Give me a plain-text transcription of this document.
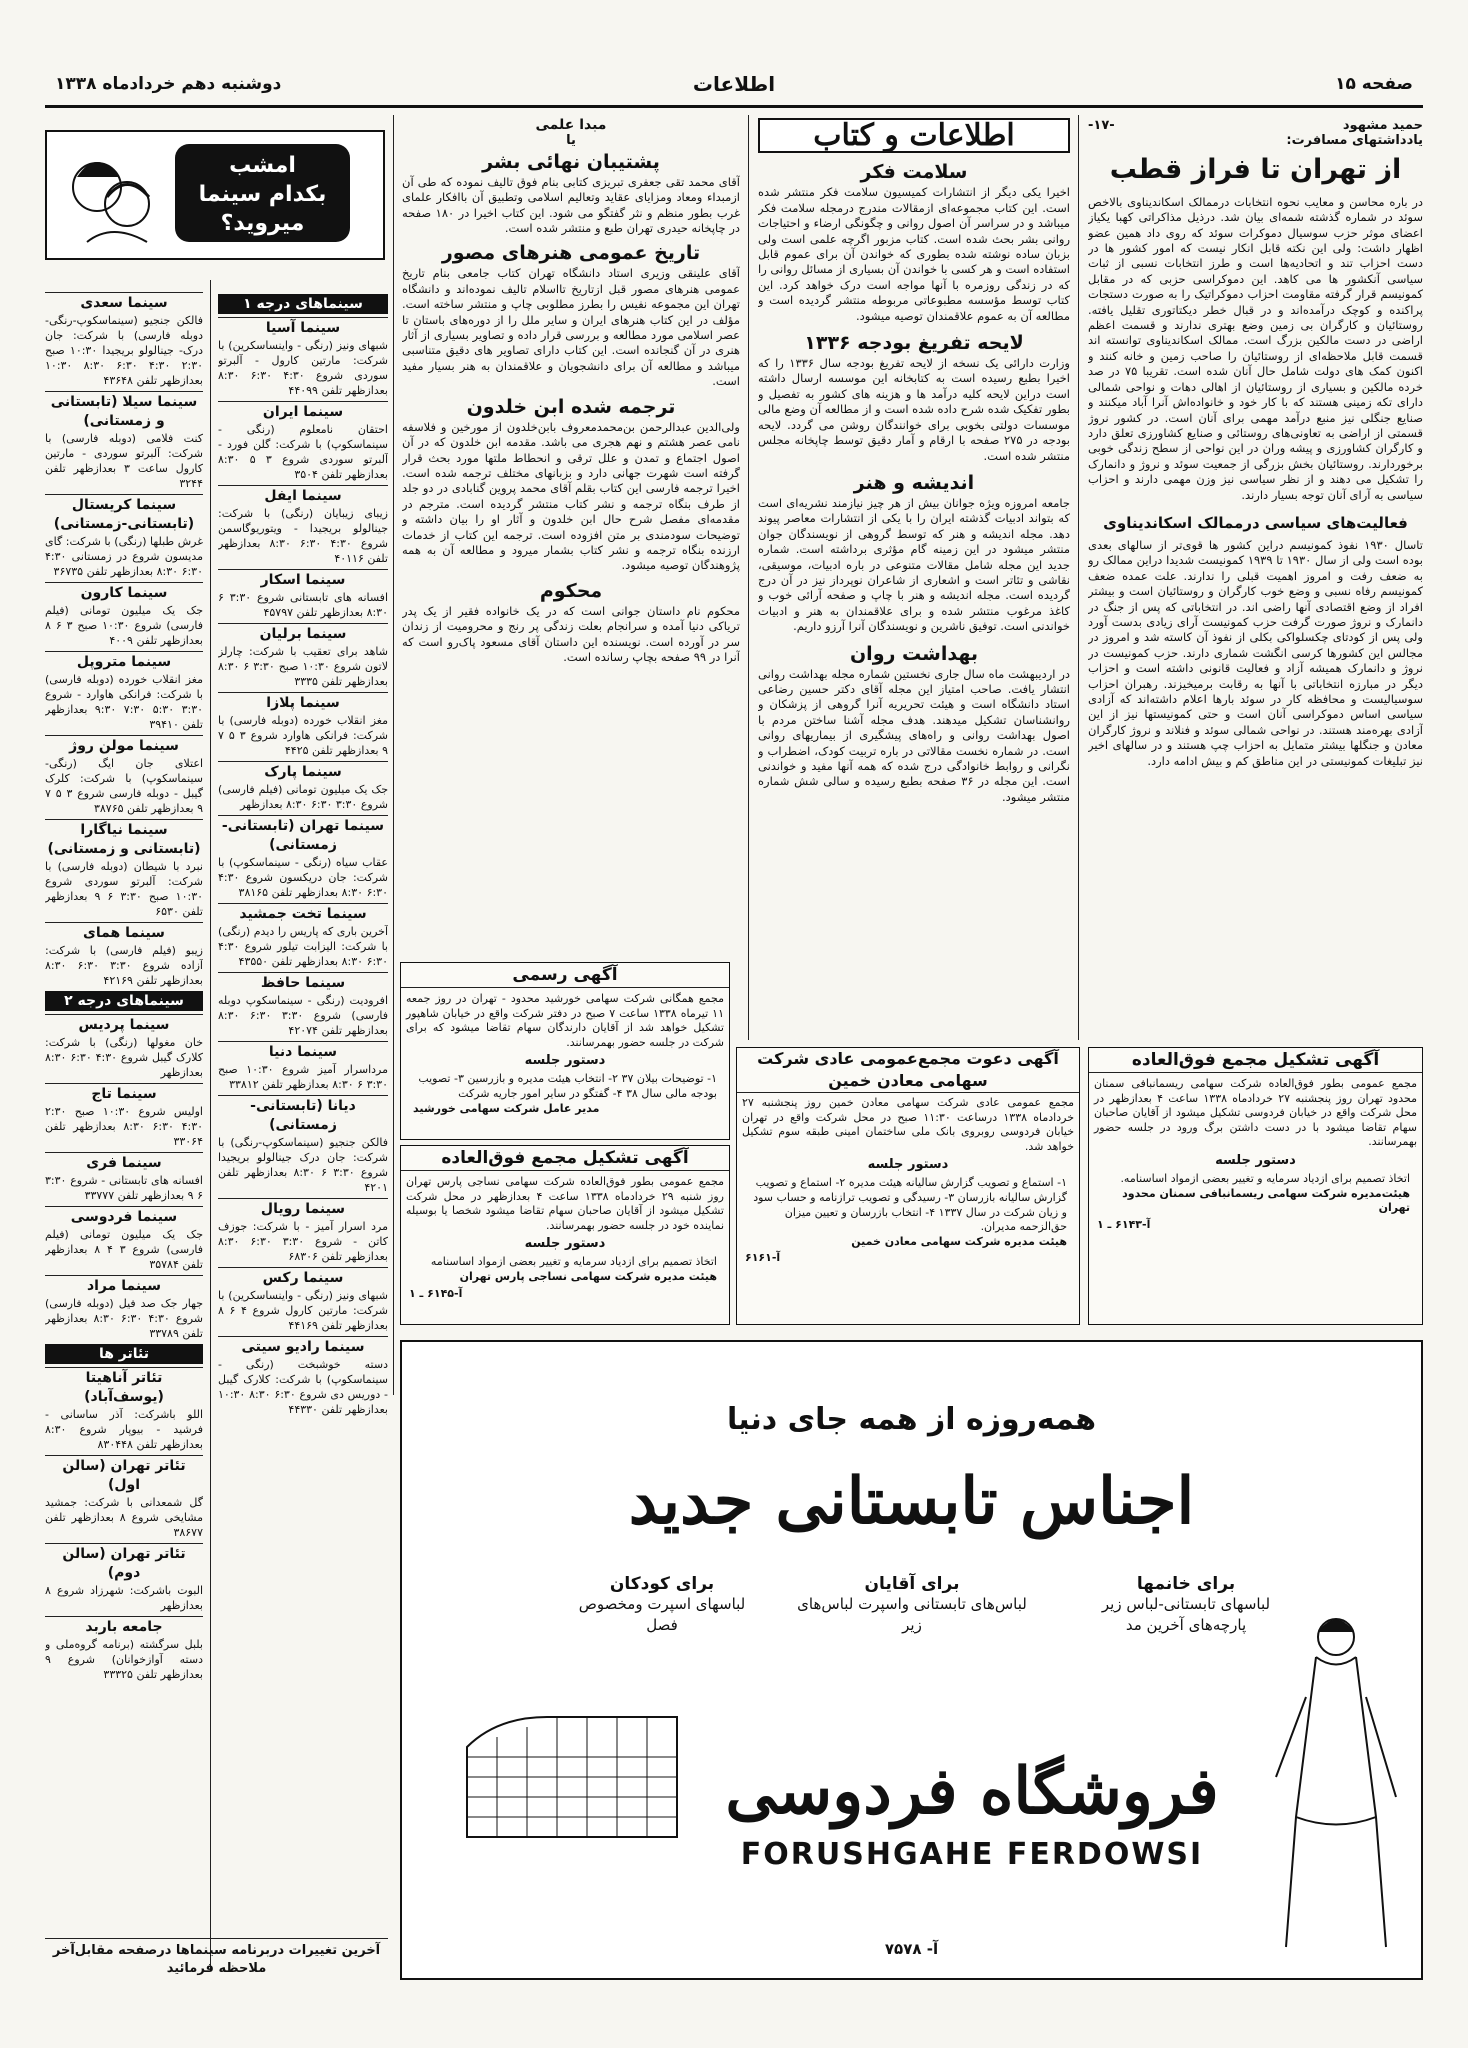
صفحه ۱۵
اطلاعات
دوشنبه دهم خردادماه ۱۳۳۸
حمید مشهود
-۱۷-
یادداشتهای مسافرت:
از تهران تا فراز قطب
در باره محاسن و معایب نحوه انتخابات درممالک اسکاندیناوی بالاخص سوئد در شماره گذشته شمه‌ای بیان شد. درذیل مذاکراتی کهبا یکیاز اعضای موثر حزب سوسیال دموکرات سوئد که روی داد همین عضو اظهار داشت: ولی این نکته قابل انکار نیست که امور کشور ها در دست احزاب تند و اتحادیه‌ها است و طرز انتخابات نسبی از ثبات سیاسی آنکشور ها می کاهد. این دموکراسی حزبی که در مقابل کمونیسم قرار گرفته مقاومت احزاب دموکراتیک را به صورت دستجات پراکنده و کوچک درآمده‌اند و در قبال خطر دیکتاتوری تقلیل یافته. روستائیان و کارگران بی زمین وضع بهتری ندارند و قسمت اعظم اراضی در دست مالکین بزرگ است. ممالک اسکاندیناوی توانسته اند قسمت قابل ملاحظه‌ای از روستائیان را صاحب زمین و خانه کنند و اکنون کمک های دولت شامل حال آنان شده است. تقریبا ۷۵ در صد خرده مالکین و بسیاری از روستائیان از اهالی دهات و نواحی شمالی دارای تکه زمینی هستند که با کار خود و خانواده‌اش آنرا آباد میکنند و صنایع جنگلی نیز منبع درآمد مهمی برای آنان است. در کشور نروژ قسمتی از اراضی به تعاونی‌های روستائی و صنایع کشاورزی تعلق دارد و کارگران کشاورزی و پیشه وران در این نواحی از سطح زندگی خوبی برخوردارند. روستائیان بخش بزرگی از جمعیت سوئد و نروژ و دانمارک را تشکیل می دهند و از نظر سیاسی نیز وزن مهمی دارند و احزاب سیاسی به آرای آنان توجه بسیار دارند.
فعالیت‌های سیاسی درممالک اسکاندیناوی
تاسال ۱۹۳۰ نفوذ کمونیسم دراین کشور ها قوی‌تر از سالهای بعدی بوده است ولی از سال ۱۹۳۰ تا ۱۹۳۹ کمونیست شدیدا دراین ممالک رو به ضعف رفت و امروز اهمیت قبلی را ندارند. علت عمده ضعف کمونیسم رفاه نسبی و وضع خوب کارگران و روستائیان است و بیشتر افراد از وضع اقتصادی آنها راضی اند. در انتخاباتی که پس از جنگ در دانمارک و نروژ صورت گرفت حزب کمونیست آرای زیادی بدست آورد ولی پس از کودتای چکسلواکی بکلی از نفوذ آن کاسته شد و امروز در مجالس این کشورها کرسی انگشت شماری دارند. حزب کمونیست در نروژ و دانمارک همیشه آزاد و فعالیت قانونی داشته است و احزاب دیگر در مبارزه انتخاباتی با آنها به رقابت برمیخیزند. رهبران احزاب سوسیالیست و محافظه کار در سوئد بارها اعلام داشته‌اند که آزادی سیاسی اساس دموکراسی آنان است و حتی کمونیستها نیز از این آزادی بهره‌مند هستند. در نواحی شمالی سوئد و فنلاند و نروژ کارگران معادن و جنگلها بیشتر متمایل به احزاب چپ هستند و در سالهای اخیر نیز تبلیغات کمونیستی در این مناطق کم و بیش ادامه دارد.
اطلاعات و کتاب
سلامت فکر
اخیرا یکی دیگر از انتشارات کمیسیون سلامت فکر منتشر شده است. این کتاب مجموعه‌ای ازمقالات مندرج درمجله سلامت فکر میباشد و در سراسر آن اصول روانی و چگونگی ارضاء و احتیاجات روانی بشر بحث شده است. کتاب مزبور اگرچه علمی است ولی بزبان ساده نوشته شده بطوری که خواندن آن برای عموم قابل استفاده است و هر کسی با خواندن آن بسیاری از مسائل روانی را که در زندگی روزمره با آنها مواجه است درک خواهد کرد. این کتاب توسط مؤسسه مطبوعاتی مربوطه منتشر گردیده است و مطالعه آن به عموم علاقمندان توصیه میشود.
لایحه تفریغ بودجه ۱۳۳۶
وزارت دارائی یک نسخه از لایحه تفریغ بودجه سال ۱۳۳۶ را که اخیرا بطبع رسیده است به کتابخانه این موسسه ارسال داشته است دراین لایحه کلیه درآمد ها و هزینه های کشور به تفصیل و بطور تفکیک شده شرح داده شده است و از مطالعه آن وضع مالی موسسات دولتی بخوبی برای خوانندگان روشن می گردد. لایحه بودجه در ۲۷۵ صفحه با ارقام و آمار دقیق توسط چاپخانه مجلس منتشر شده است.
اندیشه و هنر
جامعه امروزه ویژه جوانان بیش از هر چیز نیازمند نشریه‌ای است که بتواند ادبیات گذشته ایران را با یکی از انتشارات معاصر پیوند دهد. مجله اندیشه و هنر که توسط گروهی از نویسندگان جوان منتشر میشود در این زمینه گام مؤثری برداشته است. شماره جدید این مجله شامل مقالات متنوعی در باره ادبیات، موسیقی، نقاشی و تئاتر است و اشعاری از شاعران نوپرداز نیز در آن درج گردیده است. مجله اندیشه و هنر با چاپ و صفحه آرائی خوب و کاغذ مرغوب منتشر شده و برای علاقمندان به هنر و ادبیات خواندنی است. توفیق ناشرین و نویسندگان آنرا آرزو داریم.
بهداشت روان
در اردیبهشت ماه سال جاری نخستین شماره مجله بهداشت روانی انتشار یافت. صاحب امتیاز این مجله آقای دکتر حسین رضاعی استاد دانشگاه است و هیئت تحریریه آنرا گروهی از پزشکان و روانشناسان تشکیل میدهند. هدف مجله آشنا ساختن مردم با اصول بهداشت روانی و راه‌های پیشگیری از بیماریهای روانی است. در شماره نخست مقالاتی در باره تربیت کودک، اضطراب و نگرانی و روابط خانوادگی درج شده که همه آنها مفید و خواندنی است. این مجله در ۳۶ صفحه بطبع رسیده و سالی شش شماره منتشر میشود.
مبدا علمی
یا
پشتیبان نهائی بشر
آقای محمد تقی جعفری تبریزی کتابی بنام فوق تالیف نموده که طی آن ازمبداء ومعاد ومزایای عقاید وتعالیم اسلامی وتطبیق آن باافکار علمای غرب بطور منظم و نثر گفتگو می شود. این کتاب اخیرا در ۱۸۰ صفحه در چاپخانه حیدری تهران طبع و منتشر شده است.
تاریخ عمومی هنرهای مصور
آقای علینقی وزیری استاد دانشگاه تهران کتاب جامعی بنام تاریخ عمومی هنرهای مصور قبل ازتاریخ تااسلام تالیف نموده‌اند و دانشگاه تهران این مجموعه نفیس را بطرز مطلوبی چاپ و منتشر ساخته است. مؤلف در این کتاب هنرهای ایران و سایر ملل را از دوره‌های باستان تا عصر اسلامی مورد مطالعه و بررسی قرار داده و تصاویر بسیاری از آثار هنری در آن گنجانده است. این کتاب دارای تصاویر های دقیق متناسبی میباشد و مطالعه آن برای دانشجویان و علاقمندان به هنر بسیار مفید است.
ترجمه شده ابن خلدون
ولی‌الدین عبدالرحمن بن‌محمدمعروف بابن‌خلدون از مورخین و فلاسفه نامی عصر هشتم و نهم هجری می باشد. مقدمه ابن خلدون که در آن اصول اجتماع و تمدن و علل ترقی و انحطاط ملتها مورد بحث قرار گرفته است شهرت جهانی دارد و بزبانهای مختلف ترجمه شده است. اخیرا ترجمه فارسی این کتاب بقلم آقای محمد پروین گنابادی در دو جلد از طرف بنگاه ترجمه و نشر کتاب منتشر گردیده است. مترجم در مقدمه‌ای مفصل شرح حال ابن خلدون و آثار او را بیان داشته و توضیحات سودمندی بر متن افزوده است. ترجمه این کتاب از خدمات ارزنده بنگاه ترجمه و نشر کتاب بشمار میرود و مطالعه آن به همه پژوهندگان توصیه میشود.
محکوم
محکوم نام داستان جوانی است که در یک خانواده فقیر از یک پدر تریاکی دنیا آمده و سرانجام بعلت زندگی پر رنج و محرومیت از زندان سر در آورده است. نویسنده این داستان آقای مسعود پاک‌رو است که آنرا در ۹۹ صفحه بچاپ رسانده است.
امشب
بکدام سینما
میروید؟
سینما سعدی
فالکن جنجیو (سینماسکوپ-رنگی-دوبله فارسی) با شرکت: جان درک- جینالولو بریجیدا ۱۰:۳۰ صبح ۲:۳۰ ۴:۳۰ ۶:۳۰ ۸:۳۰ ۱۰:۳۰ بعدازظهر تلفن ۴۳۶۴۸
سینما سیلا (تابستانی و زمستانی)
کنت فلامی (دوبله فارسی) با شرکت: آلبرتو سوردی - مارتین کارول ساعت ۳ بعدازظهر تلفن ۳۲۴۴
سینما کریستال (تابستانی-زمستانی)
غرش طبلها (رنگی) با شرکت: گای مدیسون شروع در زمستانی ۴:۳۰ ۶:۳۰ ۸:۳۰ بعدازظهر تلفن ۳۶۷۳۵
سینما کارون
جک یک میلیون تومانی (فیلم فارسی) شروع ۱۰:۳۰ صبح ۳ ۶ ۸ بعدازظهر تلفن ۴۰۰۹
سینما متروپل
مغز انقلاب خورده (دوبله فارسی) با شرکت: فرانکی هاوارد - شروع ۳:۳۰ ۵:۳۰ ۷:۳۰ ۹:۳۰ بعدازظهر تلفن ۳۹۴۱۰
سینما مولن روژ
اعتلای جان ایگ (رنگی-سینماسکوپ) با شرکت: کلرک گیبل - دوبله فارسی شروع ۳ ۵ ۷ ۹ بعدازظهر تلفن ۳۸۷۶۵
سینما نیاگارا (تابستانی و زمستانی)
نبرد با شیطان (دوبله فارسی) با شرکت: آلبرتو سوردی شروع ۱۰:۳۰ صبح ۳:۳۰ ۶ ۹ بعدازظهر تلفن ۶۵۳۰
سینما همای
زیبو (فیلم فارسی) با شرکت: آزاده شروع ۳:۳۰ ۶:۳۰ ۸:۳۰ بعدازظهر تلفن ۴۲۱۶۹
سینماهای درجه ۲
سینما پردیس
خان مغولها (رنگی) با شرکت: کلارک گیبل شروع ۴:۳۰ ۶:۳۰ ۸:۳۰ بعدازظهر
سینما تاج
اولیس شروع ۱۰:۳۰ صبح ۲:۳۰ ۴:۳۰ ۶:۳۰ ۸:۳۰ بعدازظهر تلفن ۳۳۰۶۴
سینما فری
افسانه های تابستانی - شروع ۳:۳۰ ۶ ۹ بعدازظهر تلفن ۳۳۷۷۷
سینما فردوسی
جک یک میلیون تومانی (فیلم فارسی) شروع ۳ ۴ ۸ بعدازظهر تلفن ۳۵۷۸۴
سینما مراد
جهار جک صد فیل (دوبله فارسی) شروع ۴:۳۰ ۶:۳۰ ۸:۳۰ بعدازظهر تلفن ۳۳۷۸۹
تئاتر ها
تئاتر آناهیتا (یوسف‌آباد)
اللو باشرکت: آذر ساسانی - فرشید - بیوپار شروع ۸:۳۰ بعدازظهر تلفن ۸۳۰۴۴۸
تئاتر تهران (سالن اول)
گل شمعدانی با شرکت: جمشید مشایخی شروع ۸ بعدازظهر تلفن ۳۸۶۷۷
تئاتر تهران (سالن دوم)
البوت باشرکت: شهرزاد شروع ۸ بعدازظهر
جامعه باربد
بلبل سرگشته (برنامه گروه‌ملی و دسته آوازخوانان) شروع ۹ بعدازظهر تلفن ۳۳۳۲۵
سینماهای درجه ۱
سینما آسیا
شبهای ونیز (رنگی - واینساسکرین) با شرکت: مارتین کارول - آلبرتو سوردی شروع ۴:۳۰ ۶:۳۰ ۸:۳۰ بعدازظهر تلفن ۴۴۰۹۹
سینما ایران
احتقان نامعلوم (رنگی - سینماسکوپ) با شرکت: گلن فورد - آلبرتو سوردی شروع ۳ ۵ ۸:۳۰ بعدازظهر تلفن ۳۵۰۴
سینما ایفل
زیبای زیبایان (رنگی) با شرکت: جینالولو بریجیدا - ویتوریوگاسمن شروع ۴:۳۰ ۶:۳۰ ۸:۳۰ بعدازظهر تلفن ۴۰۱۱۶
سینما اسکار
افسانه های تابستانی شروع ۳:۳۰ ۶ ۸:۳۰ بعدازظهر تلفن ۴۵۷۹۷
سینما برلیان
شاهد برای تعقیب با شرکت: چارلز لاتون شروع ۱۰:۳۰ صبح ۳:۳۰ ۶ ۸:۳۰ بعدازظهر تلفن ۳۳۳۵
سینما پلازا
مغز انقلاب خورده (دوبله فارسی) با شرکت: فرانکی هاوارد شروع ۳ ۵ ۷ ۹ بعدازظهر تلفن ۴۴۲۵
سینما پارک
جک یک میلیون تومانی (فیلم فارسی) شروع ۳:۳۰ ۶:۳۰ ۸:۳۰ بعدازظهر
سینما تهران (تابستانی-زمستانی)
عقاب سیاه (رنگی - سینماسکوپ) با شرکت: جان دریکسون شروع ۴:۳۰ ۶:۳۰ ۸:۳۰ بعدازظهر تلفن ۳۸۱۶۵
سینما تخت جمشید
آخرین باری که پاریس را دیدم (رنگی) با شرکت: الیزابت تیلور شروع ۴:۳۰ ۶:۳۰ ۸:۳۰ بعدازظهر تلفن ۴۳۵۵۰
سینما حافظ
افرودیت (رنگی - سینماسکوپ دوبله فارسی) شروع ۳:۳۰ ۶:۳۰ ۸:۳۰ بعدازظهر تلفن ۴۲۰۷۴
سینما دنیا
مرداسرار آمیز شروع ۱۰:۳۰ صبح ۳:۳۰ ۶ ۸:۳۰ بعدازظهر تلفن ۳۳۸۱۲
دیانا (تابستانی-زمستانی)
فالکن جنجیو (سینماسکوپ-رنگی) با شرکت: جان درک جینالولو بریجیدا شروع ۳:۳۰ ۶ ۸:۳۰ بعدازظهر تلفن ۴۲۰۱
سینما رویال
مرد اسرار آمیز - با شرکت: جوزف کاتن - شروع ۳:۳۰ ۶:۳۰ ۸:۳۰ بعدازظهر تلفن ۶۸۳۰۶
سینما رکس
شبهای ونیز (رنگی - واینساسکرین) با شرکت: مارتین کارول شروع ۴ ۶ ۸ بعدازظهر تلفن ۴۴۱۶۹
سینما رادیو سیتی
دسته خوشبخت (رنگی - سینماسکوپ) با شرکت: کلارک گیبل - دوریس دی شروع ۶:۳۰ ۸:۳۰ ۱۰:۳۰ بعدازظهر تلفن ۴۴۳۳۰
آخرین تغییرات دربرنامه سینماها درصفحه مقابل‌آخر ملاحظه فرمائید
آگهی تشکیل مجمع فوق‌العاده
مجمع عمومی بطور فوق‌العاده شرکت سهامی ریسمانبافی سمنان محدود تهران روز پنجشنبه ۲۷ خردادماه ۱۳۳۸ ساعت ۴ بعدازظهر در محل شرکت واقع در خیابان فردوسی تشکیل میشود از آقایان صاحبان سهام تقاضا میشود با در دست داشتن برگ ورود در جلسه حضور بهمرسانند.
دستور جلسه
اتخاذ تصمیم برای ازدیاد سرمایه و تغییر بعضی ازمواد اساسنامه.
هیئت‌مدیره شرکت سهامی ریسمانبافی سمنان محدود تهران
آ-۶۱۴۳ ـ ۱
آگهی دعوت مجمع‌عمومی عادی شرکت
سهامی معادن خمین
مجمع عمومی عادی شرکت سهامی معادن خمین روز پنجشنبه ۲۷ خردادماه ۱۳۳۸ درساعت ۱۱:۳۰ صبح در محل شرکت واقع در تهران خیابان فردوسی روبروی بانک ملی ساختمان امینی طبقه سوم تشکیل خواهد شد.
دستور جلسه
۱- استماع و تصویب گزارش سالیانه هیئت مدیره ۲- استماع و تصویب گزارش سالیانه بازرسان ۳- رسیدگی و تصویب ترازنامه و حساب سود و زیان شرکت در سال ۱۳۳۷ ۴- انتخاب بازرسان و تعیین میزان حق‌الزحمه مدیران.
هیئت مدیره شرکت سهامی معادن خمین
آ-۶۱۶۱
آگهی رسمی
مجمع همگانی شرکت سهامی خورشید محدود - تهران در روز جمعه ۱۱ تیرماه ۱۳۳۸ ساعت ۷ صبح در دفتر شرکت واقع در خیابان شاهپور تشکیل خواهد شد از آقایان دارندگان سهام تقاضا میشود که برای شرکت در جلسه حضور بهمرسانند.
دستور جلسه
۱- توضیحات بیلان ۳۷ ۲- انتخاب هیئت مدیره و بازرسین ۳- تصویب بودجه مالی سال ۳۸ ۴- گفتگو در سایر امور جاریه شرکت
مدیر عامل شرکت سهامی خورشید
آگهی تشکیل مجمع فوق‌العاده
مجمع عمومی بطور فوق‌العاده شرکت سهامی نساجی پارس تهران روز شنبه ۲۹ خردادماه ۱۳۳۸ ساعت ۴ بعدازظهر در محل شرکت تشکیل میشود از آقایان صاحبان سهام تقاضا میشود شخصا یا بوسیله نماینده خود در جلسه حضور بهمرسانند.
دستور جلسه
اتخاذ تصمیم برای ازدیاد سرمایه و تغییر بعضی ازمواد اساسنامه
هیئت مدیره شرکت سهامی نساجی پارس تهران
آ-۶۱۴۵ ـ ۱
همه‌روزه از همه جای دنیا
اجناس تابستانی جدید
برای خانمها
لباسهای تابستانی-لباس زیر پارچه‌های آخرین مد
برای آقایان
لباس‌های تابستانی واسپرت لباس‌های زیر
برای کودکان
لباسهای اسپرت ومخصوص فصل
فروشگاه فردوسی
FORUSHGAHE FERDOWSI
آ- ۷۵۷۸
